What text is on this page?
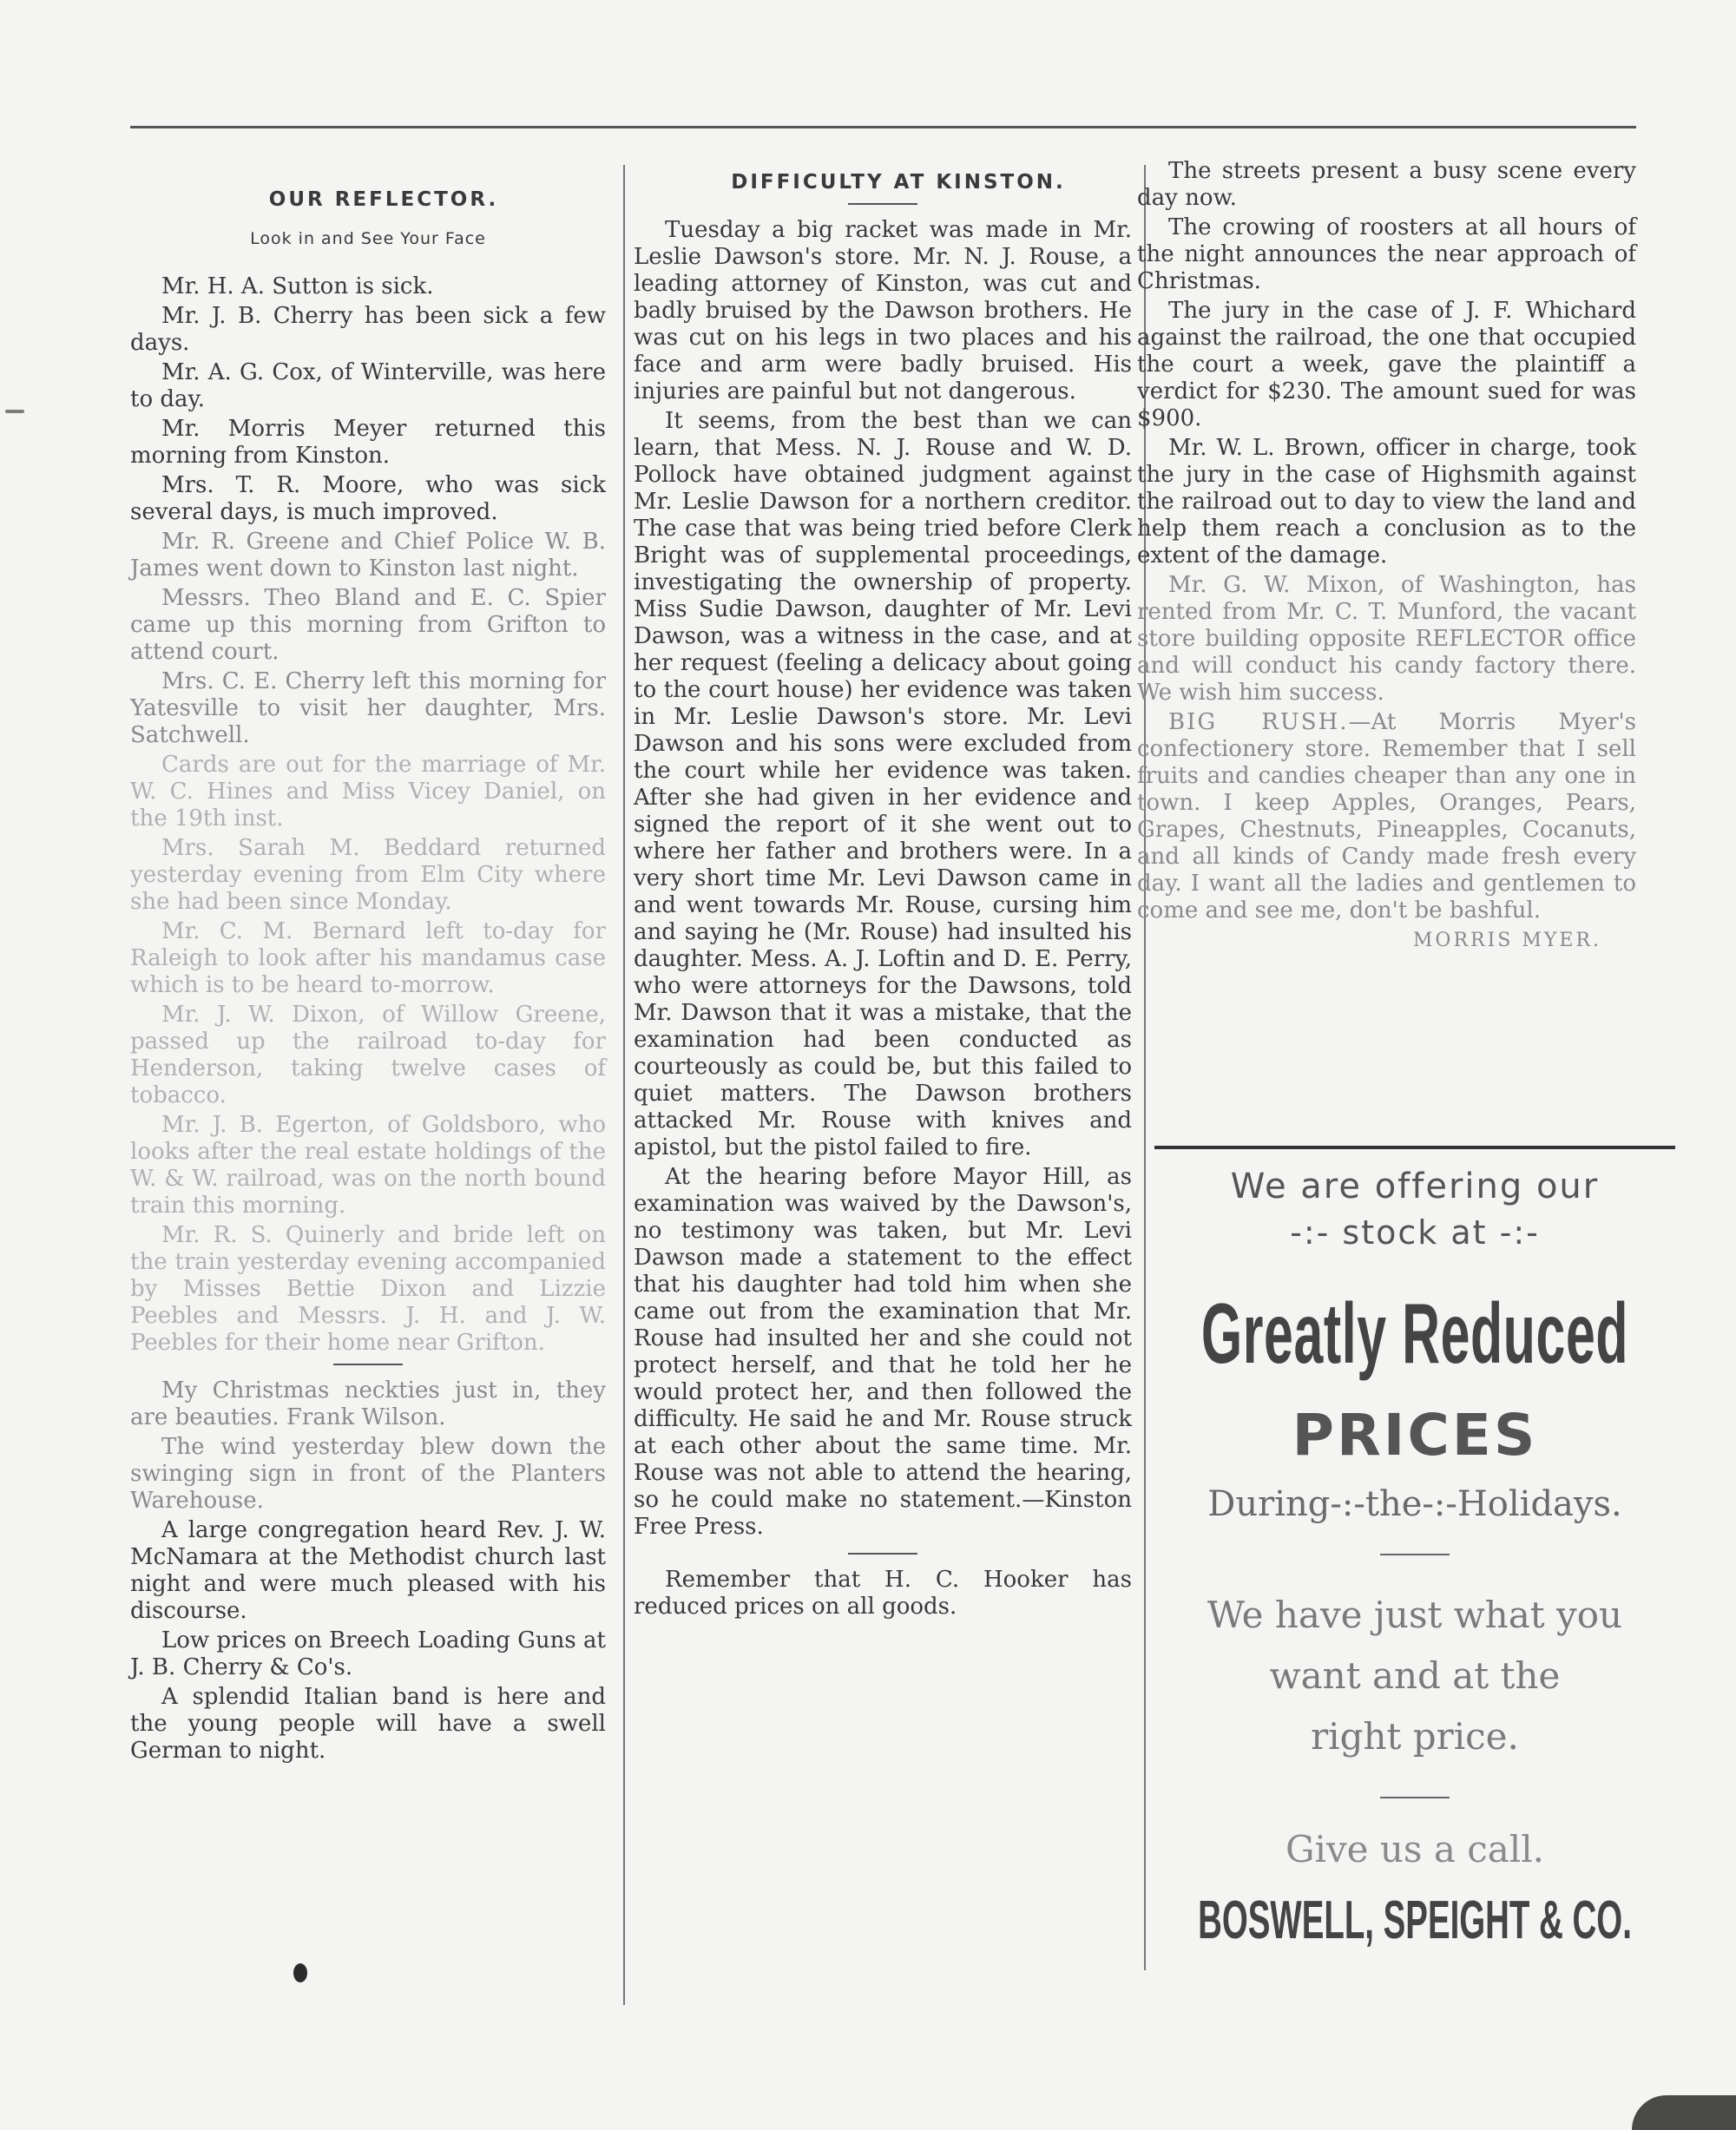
OUR REFLECTOR.

Look in and See Your Face

Mr. H. A. Sutton is sick.

Mr. J. B. Cherry has been sick a few days.

Mr. A. G. Cox, of Winterville, was here to day.

Mr. Morris Meyer returned this morning from Kinston.

Mrs. T. R. Moore, who was sick several days, is much improved.

Mr. R. Greene and Chief Police W. B. James went down to Kinston last night.

Messrs. Theo Bland and E. C. Spier came up this morning from Grifton to attend court.

Mrs. C. E. Cherry left this morning for Yatesville to visit her daughter, Mrs. Satchwell.

Cards are out for the marriage of Mr. W. C. Hines and Miss Vicey Daniel, on the 19th inst.

Mrs. Sarah M. Beddard returned yesterday evening from Elm City where she had been since Monday.

Mr. C. M. Bernard left to-day for Raleigh to look after his mandamus case which is to be heard to-morrow.

Mr. J. W. Dixon, of Willow Greene, passed up the railroad to-day for Henderson, taking twelve cases of tobacco.

Mr. J. B. Egerton, of Goldsboro, who looks after the real estate holdings of the W. & W. railroad, was on the north bound train this morning.

Mr. R. S. Quinerly and bride left on the train yesterday evening accompanied by Misses Bettie Dixon and Lizzie Peebles and Messrs. J. H. and J. W. Peebles for their home near Grifton.

My Christmas neckties just in, they are beauties. Frank Wilson.

The wind yesterday blew down the swinging sign in front of the Planters Warehouse.

A large congregation heard Rev. J. W. McNamara at the Methodist church last night and were much pleased with his discourse.

Low prices on Breech Loading Guns at J. B. Cherry & Co's.

A splendid Italian band is here and the young people will have a swell German to night.

DIFFICULTY AT KINSTON.

Tuesday a big racket was made in Mr. Leslie Dawson's store. Mr. N. J. Rouse, a leading attorney of Kinston, was cut and badly bruised by the Dawson brothers. He was cut on his legs in two places and his face and arm were badly bruised. His injuries are painful but not dangerous.

It seems, from the best than we can learn, that Mess. N. J. Rouse and W. D. Pollock have obtained judgment against Mr. Leslie Dawson for a northern creditor. The case that was being tried before Clerk Bright was of supplemental proceedings, investigating the ownership of property. Miss Sudie Dawson, daughter of Mr. Levi Dawson, was a witness in the case, and at her request (feeling a delicacy about going to the court house) her evidence was taken in Mr. Leslie Dawson's store. Mr. Levi Dawson and his sons were excluded from the court while her evidence was taken. After she had given in her evidence and signed the report of it she went out to where her father and brothers were. In a very short time Mr. Levi Dawson came in and went towards Mr. Rouse, cursing him and saying he (Mr. Rouse) had insulted his daughter. Mess. A. J. Loftin and D. E. Perry, who were attorneys for the Dawsons, told Mr. Dawson that it was a mistake, that the examination had been conducted as courteously as could be, but this failed to quiet matters. The Dawson brothers attacked Mr. Rouse with knives and apistol, but the pistol failed to fire.

At the hearing before Mayor Hill, as examination was waived by the Dawson's, no testimony was taken, but Mr. Levi Dawson made a statement to the effect that his daughter had told him when she came out from the examination that Mr. Rouse had insulted her and she could not protect herself, and that he told her he would protect her, and then followed the difficulty. He said he and Mr. Rouse struck at each other about the same time. Mr. Rouse was not able to attend the hearing, so he could make no statement.—Kinston Free Press.

Remember that H. C. Hooker has reduced prices on all goods.

The streets present a busy scene every day now.

The crowing of roosters at all hours of the night announces the near approach of Christmas.

The jury in the case of J. F. Whichard against the railroad, the one that occupied the court a week, gave the plaintiff a verdict for $230. The amount sued for was $900.

Mr. W. L. Brown, officer in charge, took the jury in the case of Highsmith against the railroad out to day to view the land and help them reach a conclusion as to the extent of the damage.

Mr. G. W. Mixon, of Washington, has rented from Mr. C. T. Munford, the vacant store building opposite REFLECTOR office and will conduct his candy factory there. We wish him success.

BIG RUSH.—At Morris Myer's confectionery store. Remember that I sell fruits and candies cheaper than any one in town. I keep Apples, Oranges, Pears, Grapes, Chestnuts, Pineapples, Cocanuts, and all kinds of Candy made fresh every day. I want all the ladies and gentlemen to come and see me, don't be bashful.

MORRIS MYER.
We are offering our
-:- stock at -:-
Greatly Reduced
PRICES
During-:-the-:-Holidays.
We have just what you
want and at the
right price.
Give us a call.
BOSWELL, SPEIGHT & CO.
